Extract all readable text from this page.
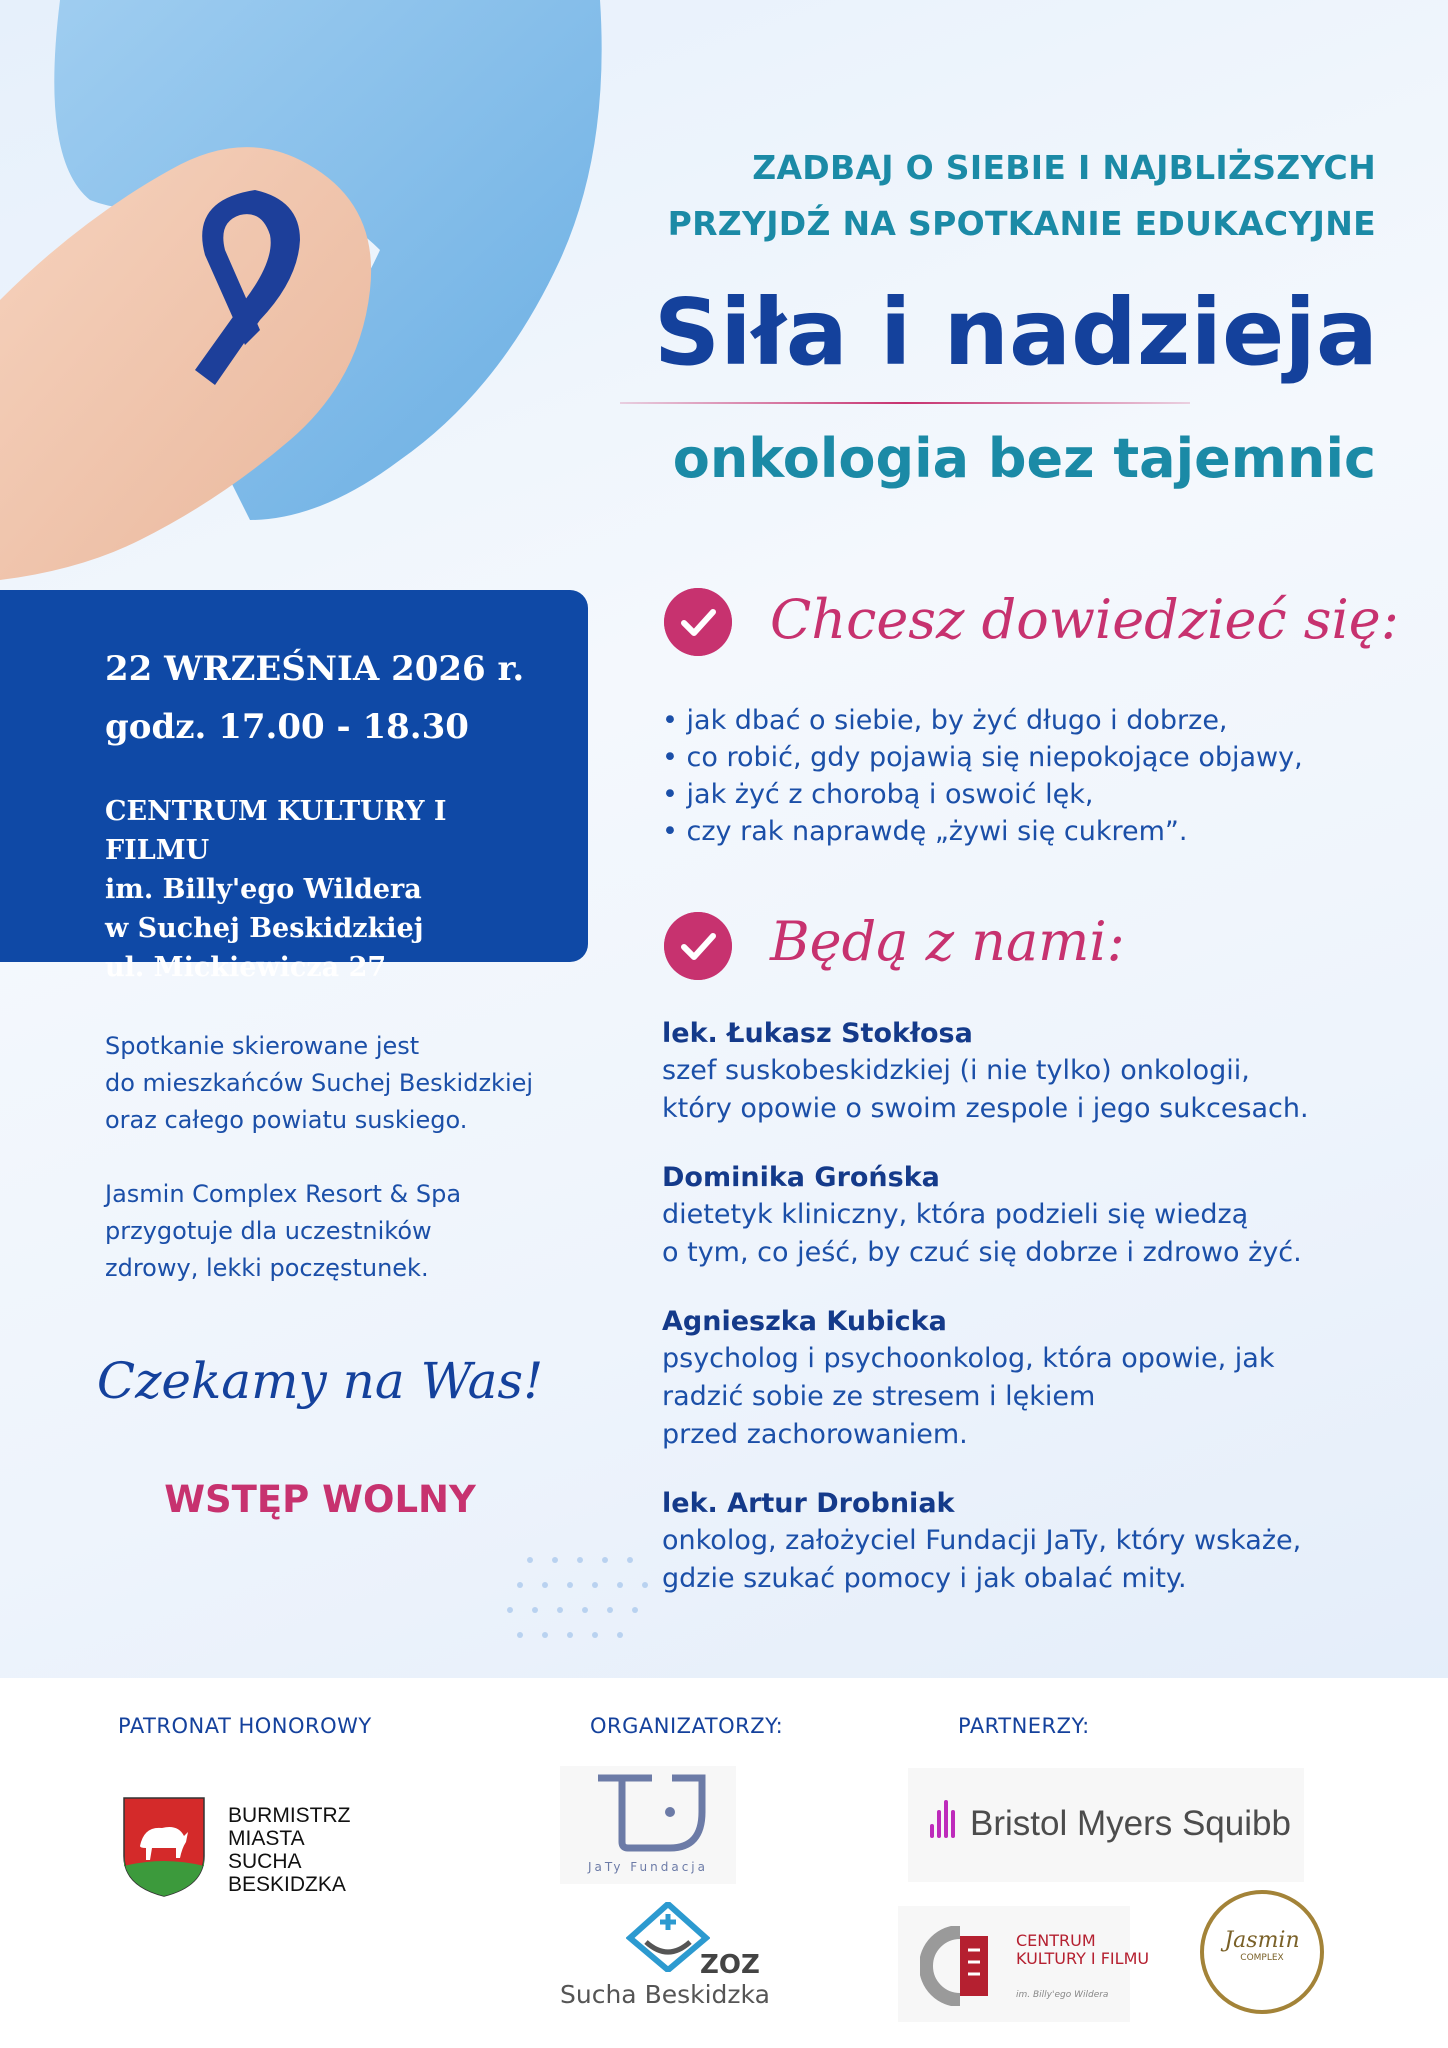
ZADBAJ O SIEBIE I NAJBLIŻSZYCH
PRZYJDŹ NA SPOTKANIE EDUKACYJNE
Siła i nadzieja
onkologia bez tajemnic
22 WRZEŚNIA 2026 r.
godz. 17.00 - 18.30
CENTRUM KULTURY I FILMU
im. Billy'ego Wildera
w Suchej Beskidzkiej
ul. Mickiewicza 27
Spotkanie skierowane jest
do mieszkańców Suchej Beskidzkiej
oraz całego powiatu suskiego.
Jasmin Complex Resort & Spa
przygotuje dla uczestników
zdrowy, lekki poczęstunek.
Czekamy na Was!
WSTĘP WOLNY
Chcesz dowiedzieć się:
• jak dbać o siebie, by żyć długo i dobrze,
• co robić, gdy pojawią się niepokojące objawy,
• jak żyć z chorobą i oswoić lęk,
• czy rak naprawdę „żywi się cukrem”.
Będą z nami:
lek. Łukasz Stokłosa
szef suskobeskidzkiej (i nie tylko) onkologii,
który opowie o swoim zespole i jego sukcesach.
Dominika Grońska
dietetyk kliniczny, która podzieli się wiedzą
o tym, co jeść, by czuć się dobrze i zdrowo żyć.
Agnieszka Kubicka
psycholog i psychoonkolog, która opowie, jak
radzić sobie ze stresem i lękiem
przed zachorowaniem.
lek. Artur Drobniak
onkolog, założyciel Fundacji JaTy, który wskaże,
gdzie szukać pomocy i jak obalać mity.
PATRONAT HONOROWY	ORGANIZATORZY:	PARTNERZY:
BURMISTRZ
MIASTA
SUCHA
BESKIDZKA
JaTy Fundacja
ZOZ
Sucha Beskidzka
Bristol Myers Squibb
CENTRUM
KULTURY I FILMU
im. Billy'ego Wildera
Jasmin
COMPLEX
